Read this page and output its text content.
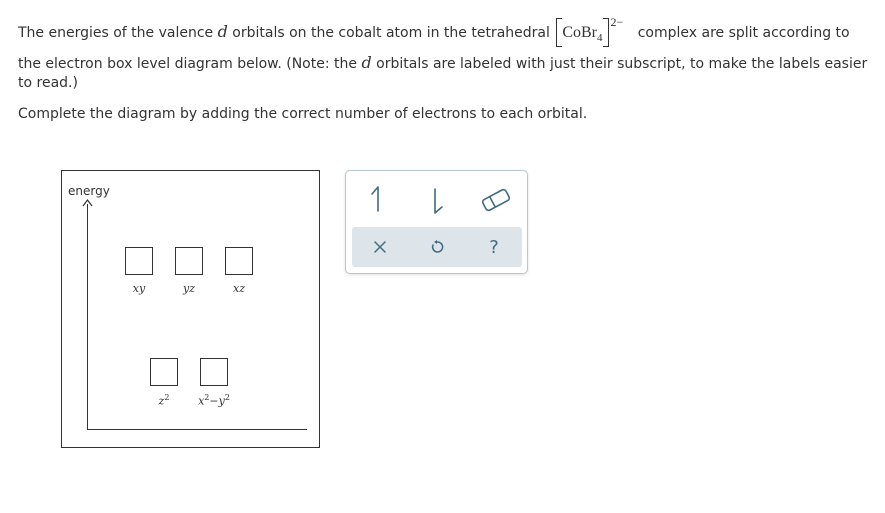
The energies of the valence d orbitals on the cobalt atom in the tetrahedral
CoBr$_4$
2− complex are split according to
the electron box level diagram below. (Note: the d orbitals are labeled with just their subscript, to make the labels easier
to read.)
Complete the diagram by adding the correct number of electrons to each orbital.
energy
xy	yz	xz
$z^2$	$x^2-y^2$
?
